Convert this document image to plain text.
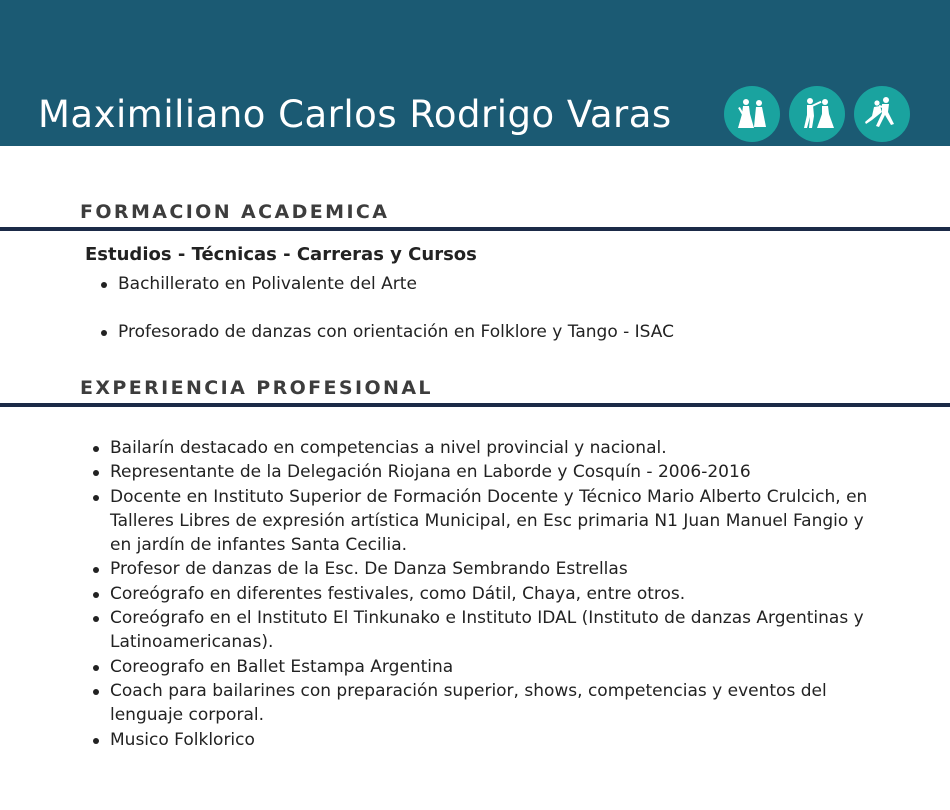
Maximiliano Carlos Rodrigo Varas
FORMACION ACADEMICA
Estudios - Técnicas - Carreras y Cursos
Bachillerato en Polivalente del Arte
Profesorado de danzas con orientación en Folklore y Tango - ISAC
EXPERIENCIA PROFESIONAL
Bailarín destacado en competencias a nivel provincial y nacional.
Representante de la Delegación Riojana en Laborde y Cosquín - 2006-2016
Docente en Instituto Superior de Formación Docente y Técnico Mario Alberto Crulcich, en Talleres Libres de expresión artística Municipal, en Esc primaria N1 Juan Manuel Fangio y en jardín de infantes Santa Cecilia.
Profesor de danzas de la Esc. De Danza Sembrando Estrellas
Coreógrafo en diferentes festivales, como Dátil, Chaya, entre otros.
Coreógrafo en el Instituto El Tinkunako e Instituto IDAL (Instituto de danzas Argentinas y Latinoamericanas).
Coreografo en Ballet Estampa Argentina
Coach para bailarines con preparación superior, shows, competencias y eventos del lenguaje corporal.
Musico Folklorico
